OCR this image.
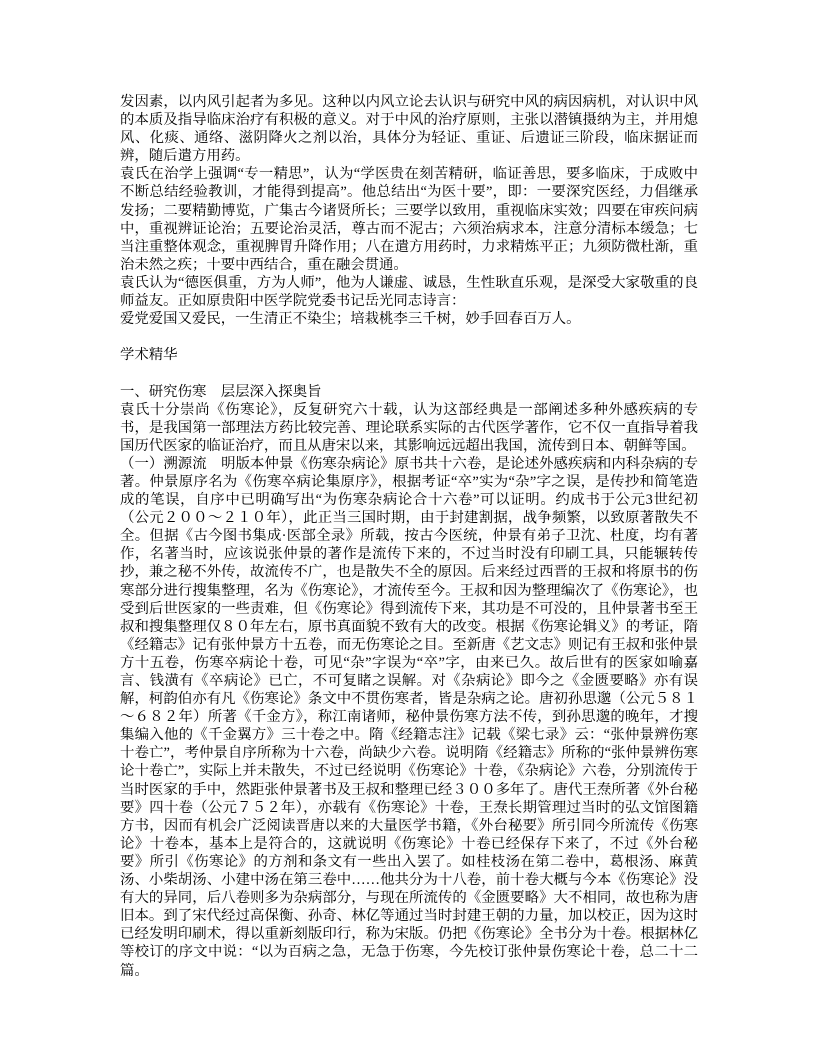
发因素，以内风引起者为多见。这种以内风立论去认识与研究中风的病因病机，对认识中风的本质及指导临床治疗有积极的意义。对于中风的治疗原则，主张以潜镇摄纳为主，并用熄风、化痰、通络、滋阴降火之剂以治，具体分为轻证、重证、后遗证三阶段，临床据证而辨，随后遣方用药。
袁氏在治学上强调“专一精思”，认为“学医贵在刻苦精研，临证善思，要多临床，于成败中不断总结经验教训，才能得到提高”。他总结出“为医十要”，即：一要深究医经，力倡继承发扬；二要精勤博览，广集古今诸贤所长；三要学以致用，重视临床实效；四要在审疾问病中，重视辨证论治；五要论治灵活，尊古而不泥古；六须治病求本，注意分清标本缓急；七当注重整体观念，重视脾胃升降作用；八在遣方用药时，力求精炼平正；九须防微杜渐，重治未然之疾；十要中西结合，重在融会贯通。
袁氏认为“德医俱重，方为人师”，他为人谦虚、诚恳，生性耿直乐观，是深受大家敬重的良师益友。正如原贵阳中医学院党委书记岳光同志诗言：
爱党爱国又爱民，一生清正不染尘；培栽桃李三千树，妙手回春百万人。
学术精华
一、研究伤寒　层层深入探奥旨
袁氏十分崇尚《伤寒论》，反复研究六十载，认为这部经典是一部阐述多种外感疾病的专书，是我国第一部理法方药比较完善、理论联系实际的古代医学著作，它不仅一直指导着我国历代医家的临证治疗，而且从唐宋以来，其影响远远超出我国，流传到日本、朝鲜等国。
（一）溯源流　明版本仲景《伤寒杂病论》原书共十六卷，是论述外感疾病和内科杂病的专著。仲景原序名为《伤寒卒病论集原序》，根据考证“卒”实为“杂”字之误，是传抄和简笔造成的笔误，自序中已明确写出“为伤寒杂病论合十六卷”可以证明。约成书于公元3世纪初（公元２００～２１０年），此正当三国时期，由于封建割据，战争频繁，以致原著散失不全。但据《古今图书集成·医部全录》所载，按古今医统，仲景有弟子卫沈、杜度，均有著作，名著当时，应该说张仲景的著作是流传下来的，不过当时没有印刷工具，只能辗转传抄，兼之秘不外传，故流传不广，也是散失不全的原因。后来经过西晋的王叔和将原书的伤寒部分进行搜集整理，名为《伤寒论》，才流传至今。王叔和因为整理编次了《伤寒论》，也受到后世医家的一些责难，但《伤寒论》得到流传下来，其功是不可没的，且仲景著书至王叔和搜集整理仅８０年左右，原书真面貌不致有大的改变。根据《伤寒论辑义》的考证，隋《经籍志》记有张仲景方十五卷，而无伤寒论之目。至新唐《艺文志》则记有王叔和张仲景方十五卷，伤寒卒病论十卷，可见“杂”字误为“卒”字，由来已久。故后世有的医家如喻嘉言、钱潢有《卒病论》已亡，不可复睹之误解。对《杂病论》即今之《金匮要略》亦有误解，柯韵伯亦有凡《伤寒论》条文中不贯伤寒者，皆是杂病之论。唐初孙思邈（公元５８１～６８２年）所著《千金方》，称江南诸师，秘仲景伤寒方法不传，到孙思邈的晚年，才搜集编入他的《千金翼方》三十卷之中。隋《经籍志注》记载《梁七录》云：“张仲景辨伤寒十卷亡”，考仲景自序所称为十六卷，尚缺少六卷。说明隋《经籍志》所称的“张仲景辨伤寒论十卷亡”，实际上并未散失，不过已经说明《伤寒论》十卷，《杂病论》六卷，分别流传于当时医家的手中，然距张仲景著书及王叔和整理已经３００多年了。唐代王焘所著《外台秘要》四十卷（公元７５２年），亦载有《伤寒论》十卷，王焘长期管理过当时的弘文馆图籍方书，因而有机会广泛阅读晋唐以来的大量医学书籍，《外台秘要》所引同今所流传《伤寒论》十卷本，基本上是符合的，这就说明《伤寒论》十卷已经保存下来了，不过《外台秘要》所引《伤寒论》的方剂和条文有一些出入罢了。如桂枝汤在第二卷中，葛根汤、麻黄汤、小柴胡汤、小建中汤在第三卷中……他共分为十八卷，前十卷大概与今本《伤寒论》没有大的异同，后八卷则多为杂病部分，与现在所流传的《金匮要略》大不相同，故也称为唐旧本。到了宋代经过高保衡、孙奇、林亿等通过当时封建王朝的力量，加以校正，因为这时已经发明印刷术，得以重新刻版印行，称为宋版。仍把《伤寒论》全书分为十卷。根据林亿等校订的序文中说：“以为百病之急，无急于伤寒，今先校订张仲景伤寒论十卷，总二十二篇。
